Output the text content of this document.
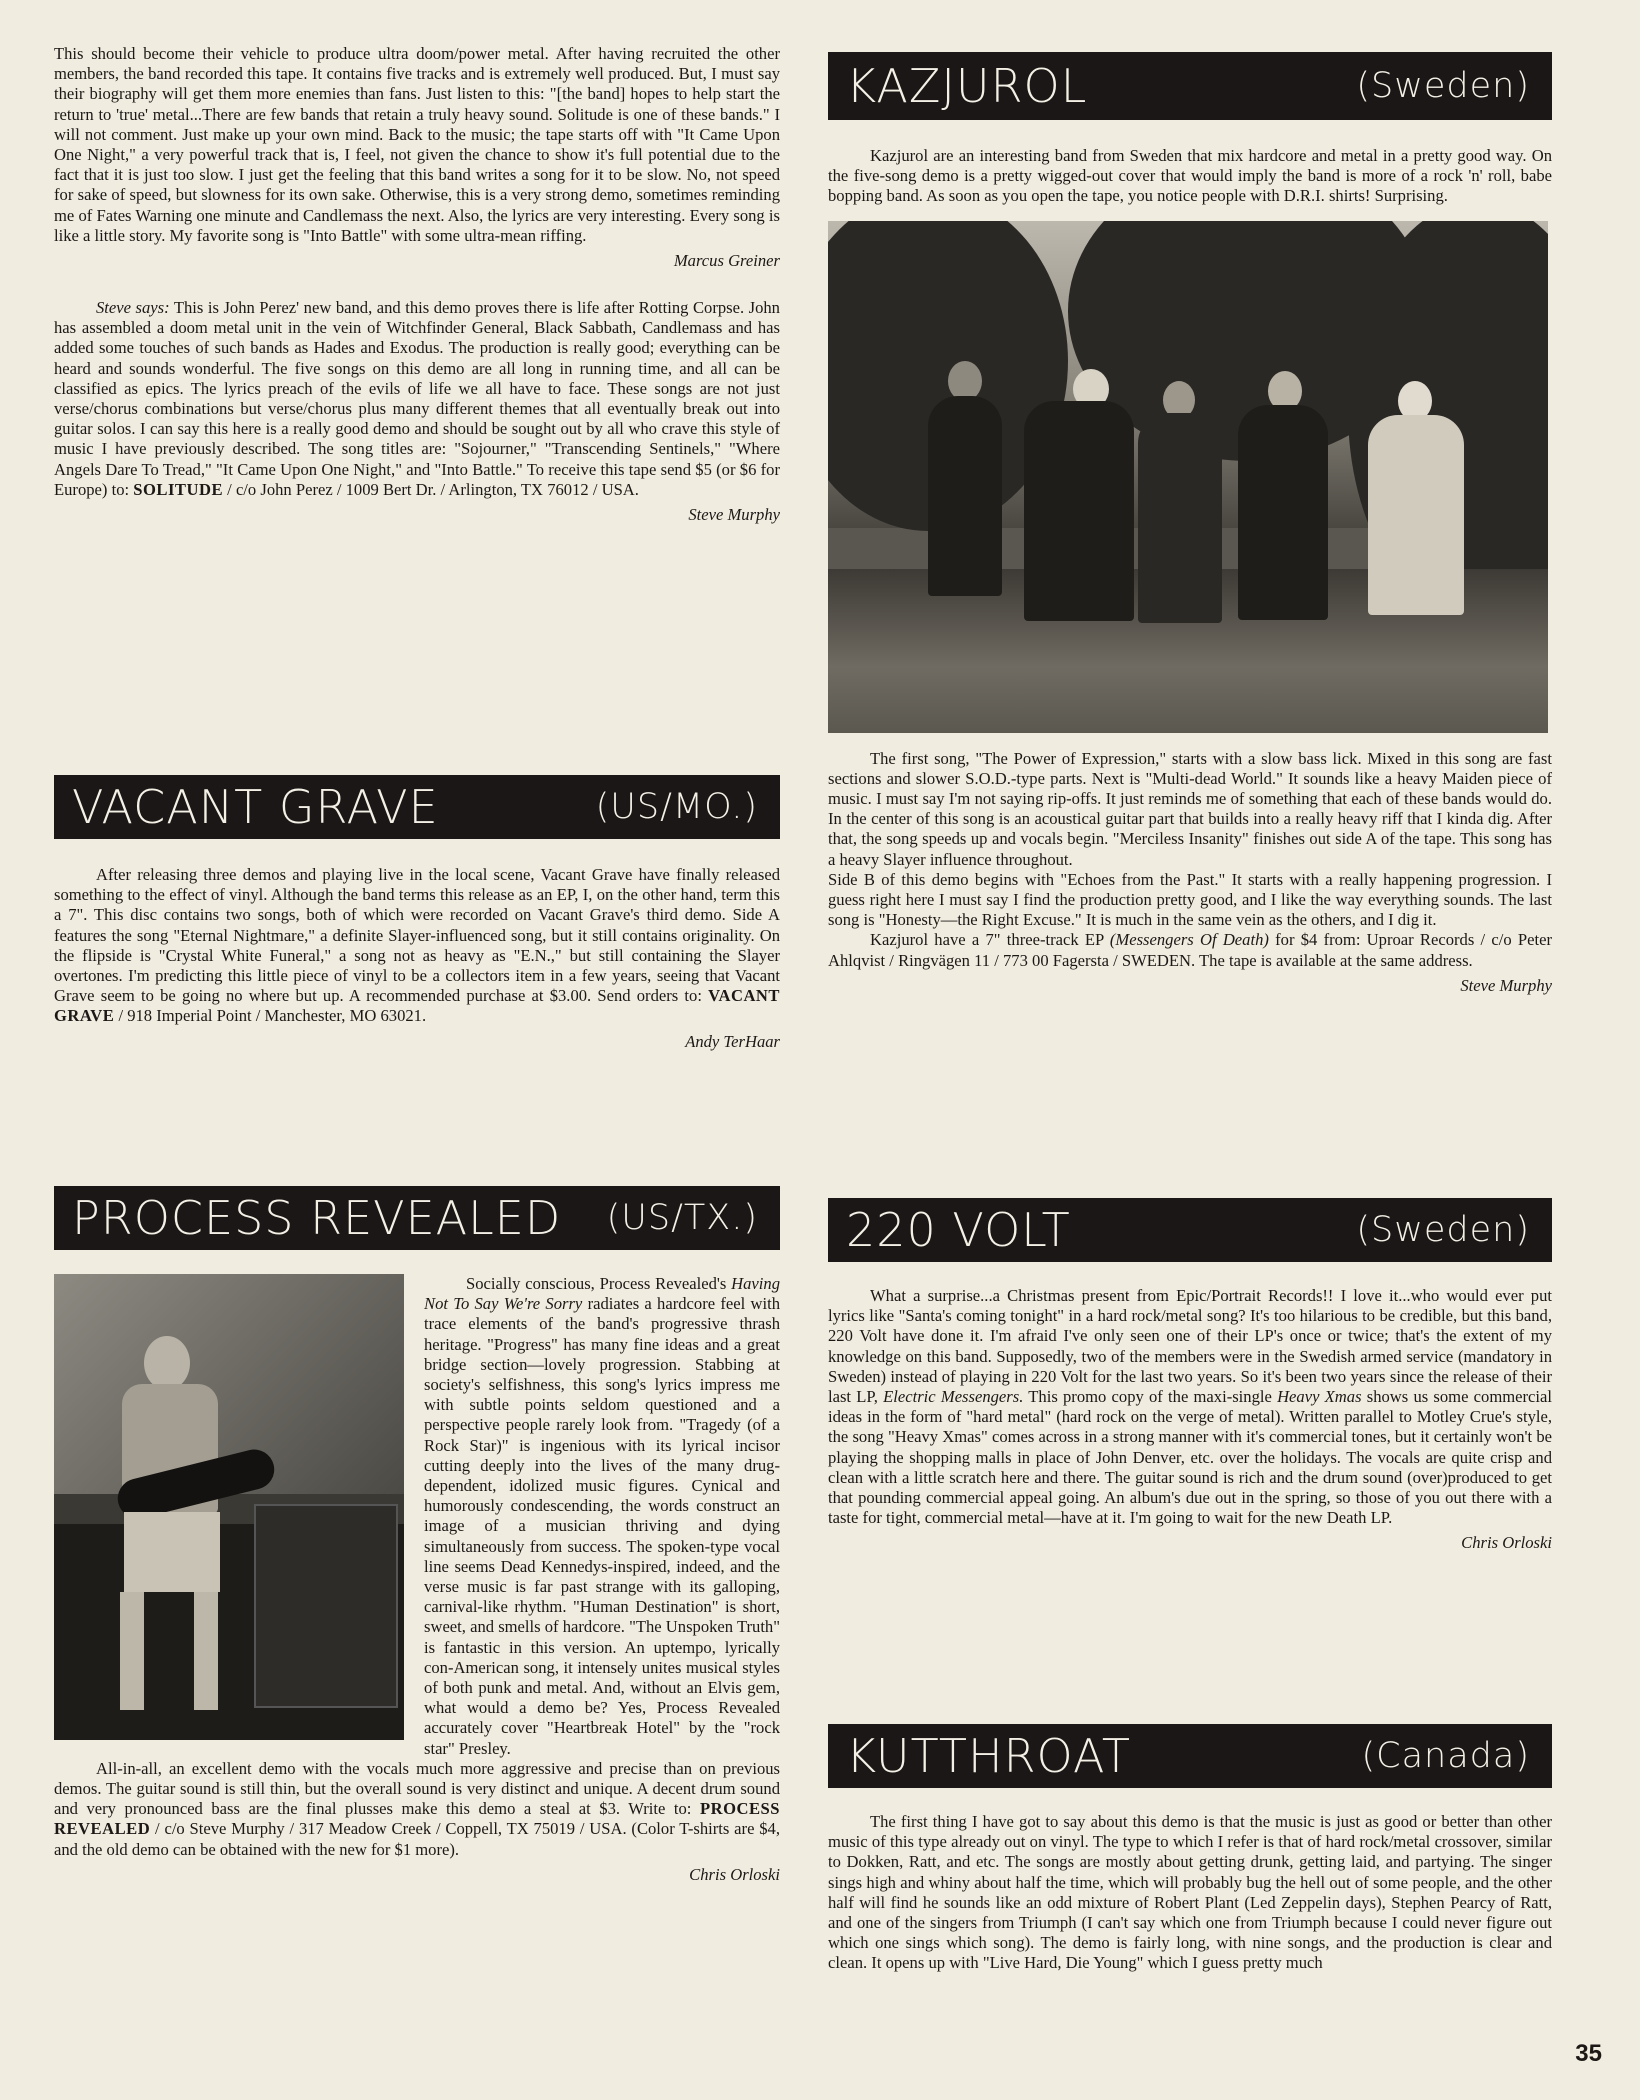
This should become their vehicle to produce ultra doom/power metal. After having recruited the other members, the band recorded this tape. It contains five tracks and is extremely well produced. But, I must say their biography will get them more enemies than fans. Just listen to this: "[the band] hopes to help start the return to 'true' metal...There are few bands that retain a truly heavy sound. Solitude is one of these bands." I will not comment. Just make up your own mind. Back to the music; the tape starts off with "It Came Upon One Night," a very powerful track that is, I feel, not given the chance to show it's full potential due to the fact that it is just too slow. I just get the feeling that this band writes a song for it to be slow. No, not speed for sake of speed, but slowness for its own sake. Otherwise, this is a very strong demo, sometimes reminding me of Fates Warning one minute and Candlemass the next. Also, the lyrics are very interesting. Every song is like a little story. My favorite song is "Into Battle" with some ultra-mean riffing.

Marcus Greiner

Steve says: This is John Perez' new band, and this demo proves there is life after Rotting Corpse. John has assembled a doom metal unit in the vein of Witchfinder General, Black Sabbath, Candlemass and has added some touches of such bands as Hades and Exodus. The production is really good; everything can be heard and sounds wonderful. The five songs on this demo are all long in running time, and all can be classified as epics. The lyrics preach of the evils of life we all have to face. These songs are not just verse/chorus combinations but verse/chorus plus many different themes that all eventually break out into guitar solos. I can say this here is a really good demo and should be sought out by all who crave this style of music I have previously described. The song titles are: "Sojourner," "Transcending Sentinels," "Where Angels Dare To Tread," "It Came Upon One Night," and "Into Battle." To receive this tape send $5 (or $6 for Europe) to: SOLITUDE / c/o John Perez / 1009 Bert Dr. / Arlington, TX 76012 / USA.

Steve Murphy
VACANT GRAVE	(US/MO.)

After releasing three demos and playing live in the local scene, Vacant Grave have finally released something to the effect of vinyl. Although the band terms this release as an EP, I, on the other hand, term this a 7". This disc contains two songs, both of which were recorded on Vacant Grave's third demo. Side A features the song "Eternal Nightmare," a definite Slayer-influenced song, but it still contains originality. On the flipside is "Crystal White Funeral," a song not as heavy as "E.N.," but still containing the Slayer overtones. I'm predicting this little piece of vinyl to be a collectors item in a few years, seeing that Vacant Grave seem to be going no where but up. A recommended purchase at $3.00. Send orders to: VACANT GRAVE / 918 Imperial Point / Manchester, MO 63021.

Andy TerHaar
PROCESS REVEALED (US/TX.)

Socially conscious, Process Revealed's Having Not To Say We're Sorry radiates a hardcore feel with trace elements of the band's progressive thrash heritage. "Progress" has many fine ideas and a great bridge section—lovely progression. Stabbing at society's selfishness, this song's lyrics impress me with subtle points seldom questioned and a perspective people rarely look from. "Tragedy (of a Rock Star)" is ingenious with its lyrical incisor cutting deeply into the lives of the many drug-dependent, idolized music figures. Cynical and humorously condescending, the words construct an image of a musician thriving and dying simultaneously from success. The spoken-type vocal line seems Dead Kennedys-inspired, indeed, and the verse music is far past strange with its galloping, carnival-like rhythm. "Human Destination" is short, sweet, and smells of hardcore. "The Unspoken Truth" is fantastic in this version. An uptempo, lyrically con-American song, it intensely unites musical styles of both punk and metal. And, without an Elvis gem, what would a demo be? Yes, Process Revealed accurately cover "Heartbreak Hotel" by the "rock star" Presley.

All-in-all, an excellent demo with the vocals much more aggressive and precise than on previous demos. The guitar sound is still thin, but the overall sound is very distinct and unique. A decent drum sound and very pronounced bass are the final plusses make this demo a steal at $3. Write to: PROCESS REVEALED / c/o Steve Murphy / 317 Meadow Creek / Coppell, TX 75019 / USA. (Color T-shirts are $4, and the old demo can be obtained with the new for $1 more).

Chris Orloski
KAZJUROL	(Sweden)

Kazjurol are an interesting band from Sweden that mix hardcore and metal in a pretty good way. On the five-song demo is a pretty wigged-out cover that would imply the band is more of a rock 'n' roll, babe bopping band. As soon as you open the tape, you notice people with D.R.I. shirts! Surprising.

The first song, "The Power of Expression," starts with a slow bass lick. Mixed in this song are fast sections and slower S.O.D.-type parts. Next is "Multi-dead World." It sounds like a heavy Maiden piece of music. I must say I'm not saying rip-offs. It just reminds me of something that each of these bands would do. In the center of this song is an acoustical guitar part that builds into a really heavy riff that I kinda dig. After that, the song speeds up and vocals begin. "Merciless Insanity" finishes out side A of the tape. This song has a heavy Slayer influence throughout.

Side B of this demo begins with "Echoes from the Past." It starts with a really happening progression. I guess right here I must say I find the production pretty good, and I like the way everything sounds. The last song is "Honesty—the Right Excuse." It is much in the same vein as the others, and I dig it.

Kazjurol have a 7" three-track EP (Messengers Of Death) for $4 from: Uproar Records / c/o Peter Ahlqvist / Ringvägen 11 / 773 00 Fagersta / SWEDEN. The tape is available at the same address.

Steve Murphy
220 VOLT	(Sweden)

What a surprise...a Christmas present from Epic/Portrait Records!! I love it...who would ever put lyrics like "Santa's coming tonight" in a hard rock/metal song? It's too hilarious to be credible, but this band, 220 Volt have done it. I'm afraid I've only seen one of their LP's once or twice; that's the extent of my knowledge on this band. Supposedly, two of the members were in the Swedish armed service (mandatory in Sweden) instead of playing in 220 Volt for the last two years. So it's been two years since the release of their last LP, Electric Messengers. This promo copy of the maxi-single Heavy Xmas shows us some commercial ideas in the form of "hard metal" (hard rock on the verge of metal). Written parallel to Motley Crue's style, the song "Heavy Xmas" comes across in a strong manner with it's commercial tones, but it certainly won't be playing the shopping malls in place of John Denver, etc. over the holidays. The vocals are quite crisp and clean with a little scratch here and there. The guitar sound is rich and the drum sound (over)produced to get that pounding commercial appeal going. An album's due out in the spring, so those of you out there with a taste for tight, commercial metal—have at it. I'm going to wait for the new Death LP.

Chris Orloski
KUTTHROAT	(Canada)

The first thing I have got to say about this demo is that the music is just as good or better than other music of this type already out on vinyl. The type to which I refer is that of hard rock/metal crossover, similar to Dokken, Ratt, and etc. The songs are mostly about getting drunk, getting laid, and partying. The singer sings high and whiny about half the time, which will probably bug the hell out of some people, and the other half will find he sounds like an odd mixture of Robert Plant (Led Zeppelin days), Stephen Pearcy of Ratt, and one of the singers from Triumph (I can't say which one from Triumph because I could never figure out which one sings which song). The demo is fairly long, with nine songs, and the production is clear and clean. It opens up with "Live Hard, Die Young" which I guess pretty much

35
